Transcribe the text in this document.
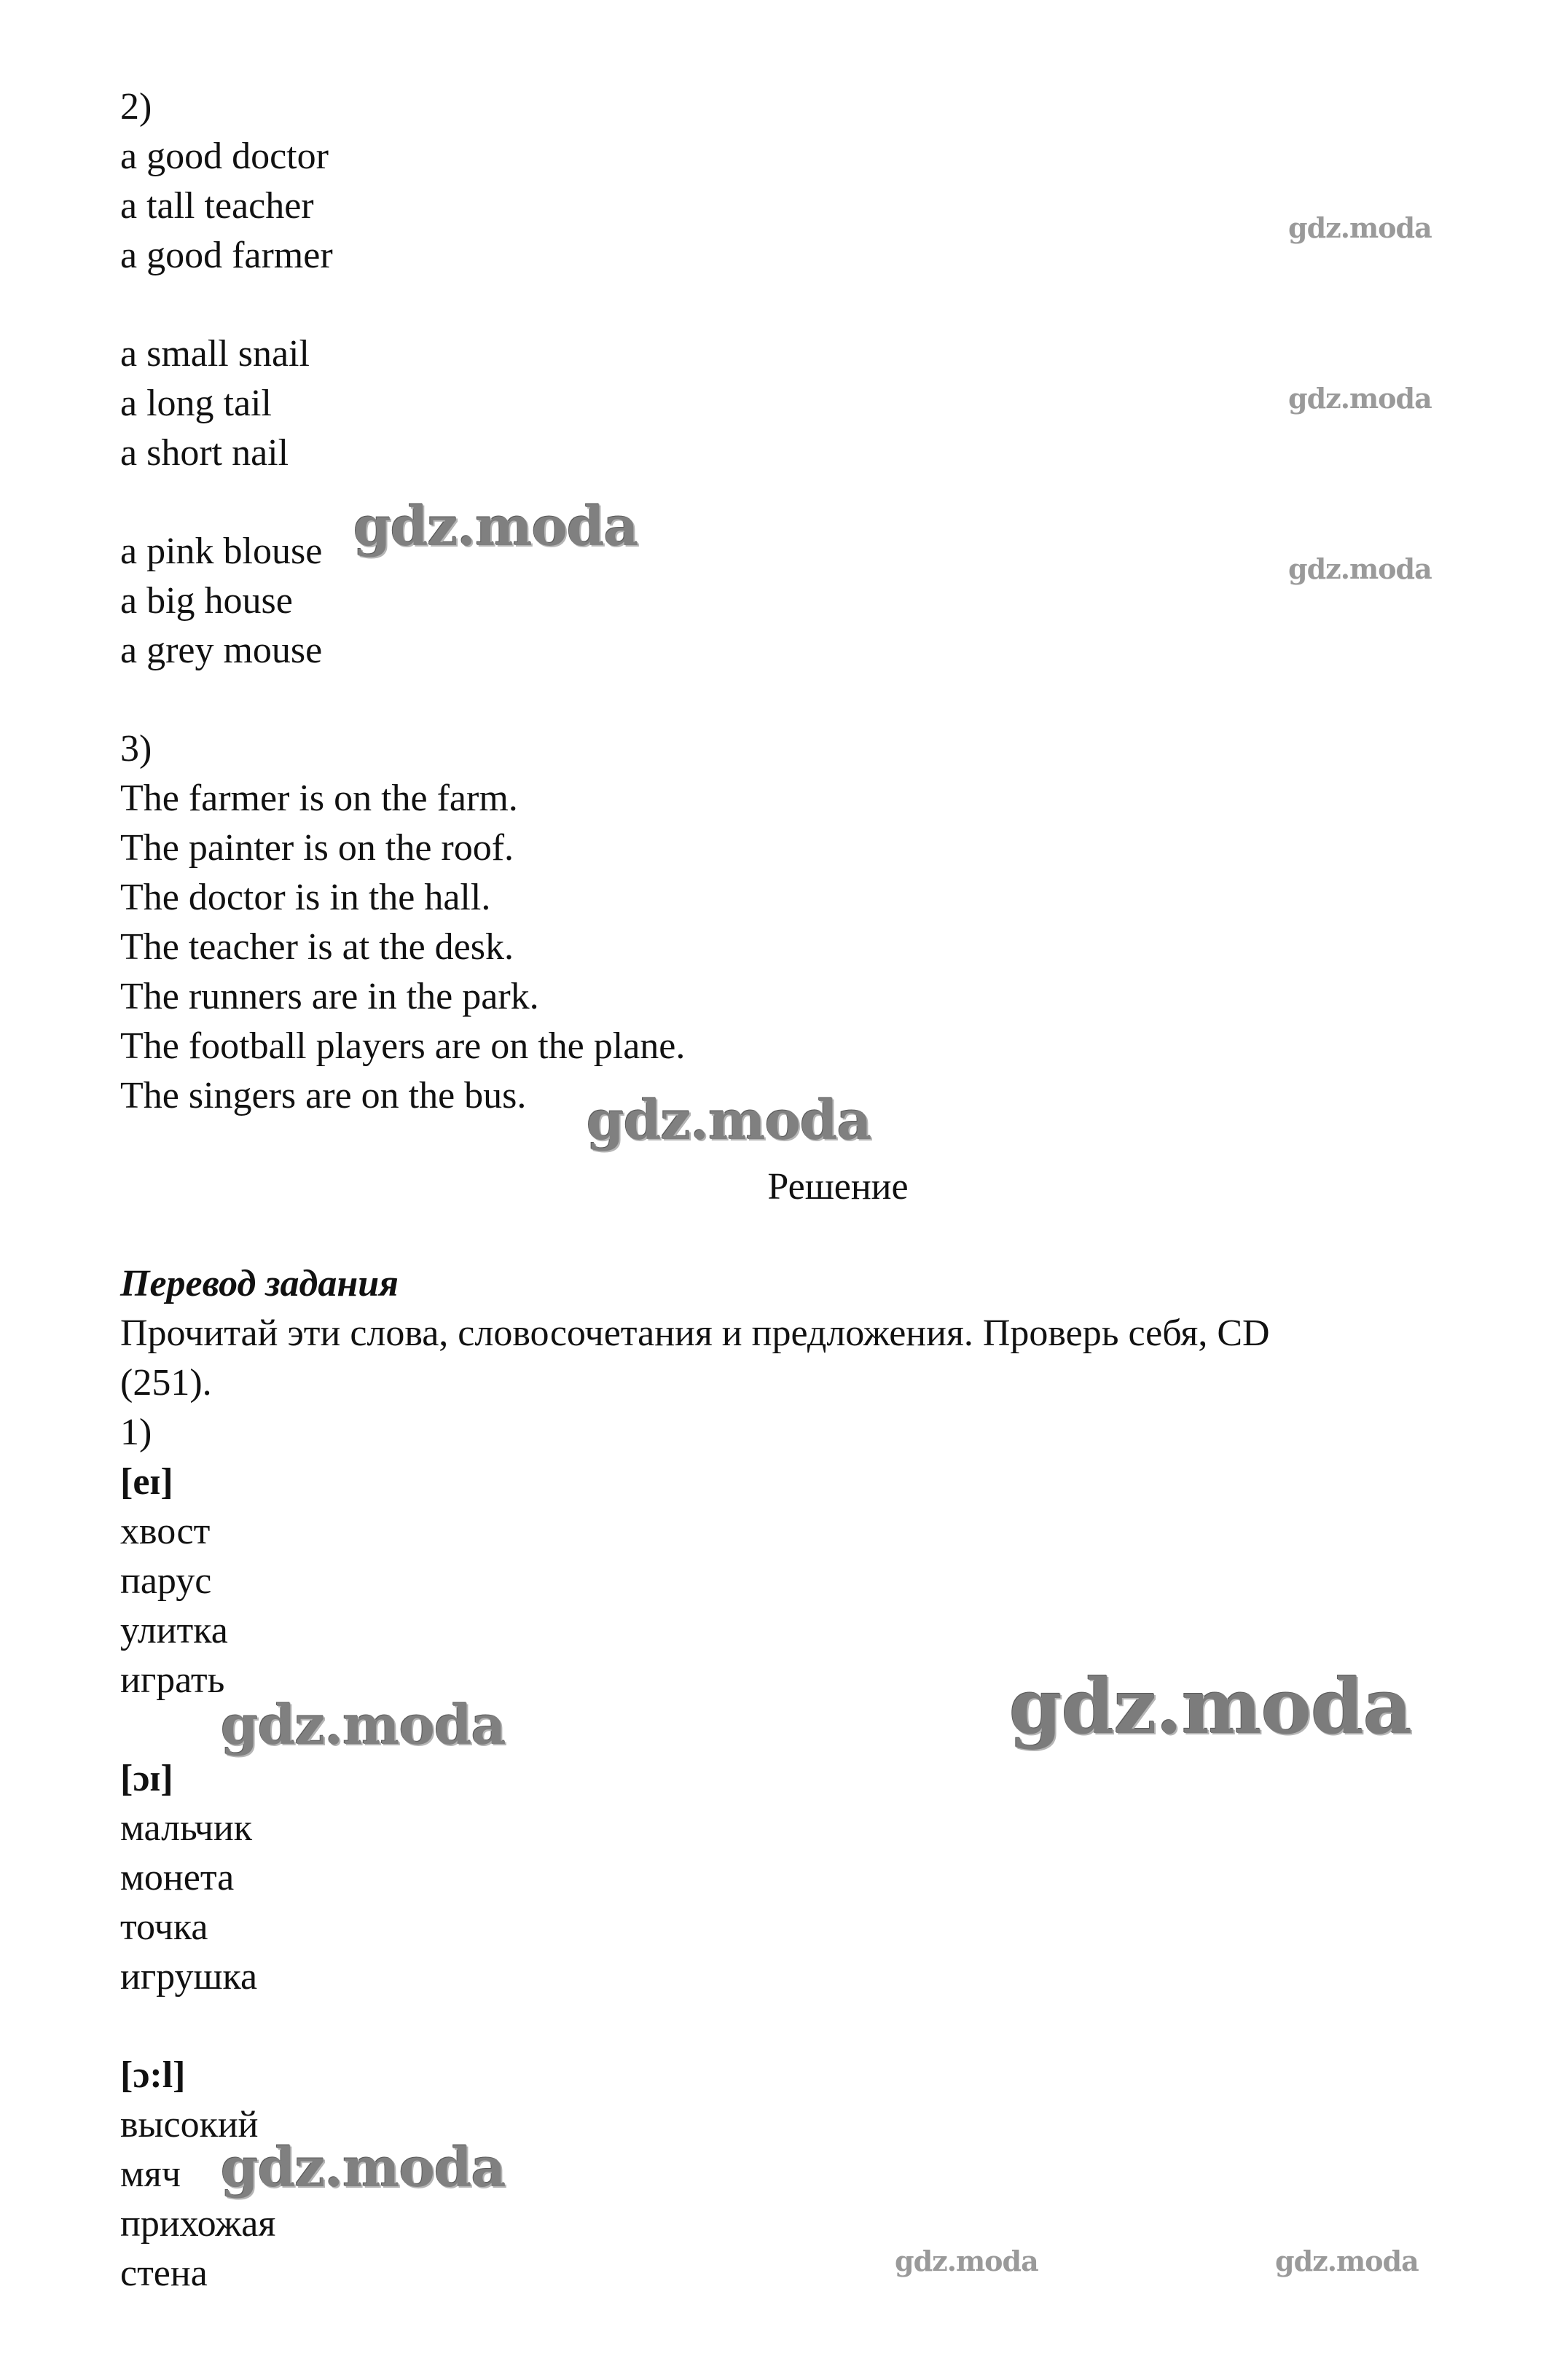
2)
a good doctor
a tall teacher
a good farmer
a small snail
a long tail
a short nail
a pink blouse
a big house
a grey mouse
3)
The farmer is on the farm.
The painter is on the roof.
The doctor is in the hall.
The teacher is at the desk.
The runners are in the park.
The football players are on the plane.
The singers are on the bus.
Решение
Перевод задания
Прочитай эти слова, словосочетания и предложения. Проверь себя, CD
(251).
1)
[eɪ]
хвост
парус
улитка
играть
[ɔɪ]
мальчик
монета
точка
игрушка
[ɔ:l]
высокий
мяч
прихожая
стена
gdz.moda
gdz.moda
gdz.moda
gdz.moda
gdz.moda
gdz.moda
gdz.moda
gdz.moda
gdz.moda	gdz.moda
